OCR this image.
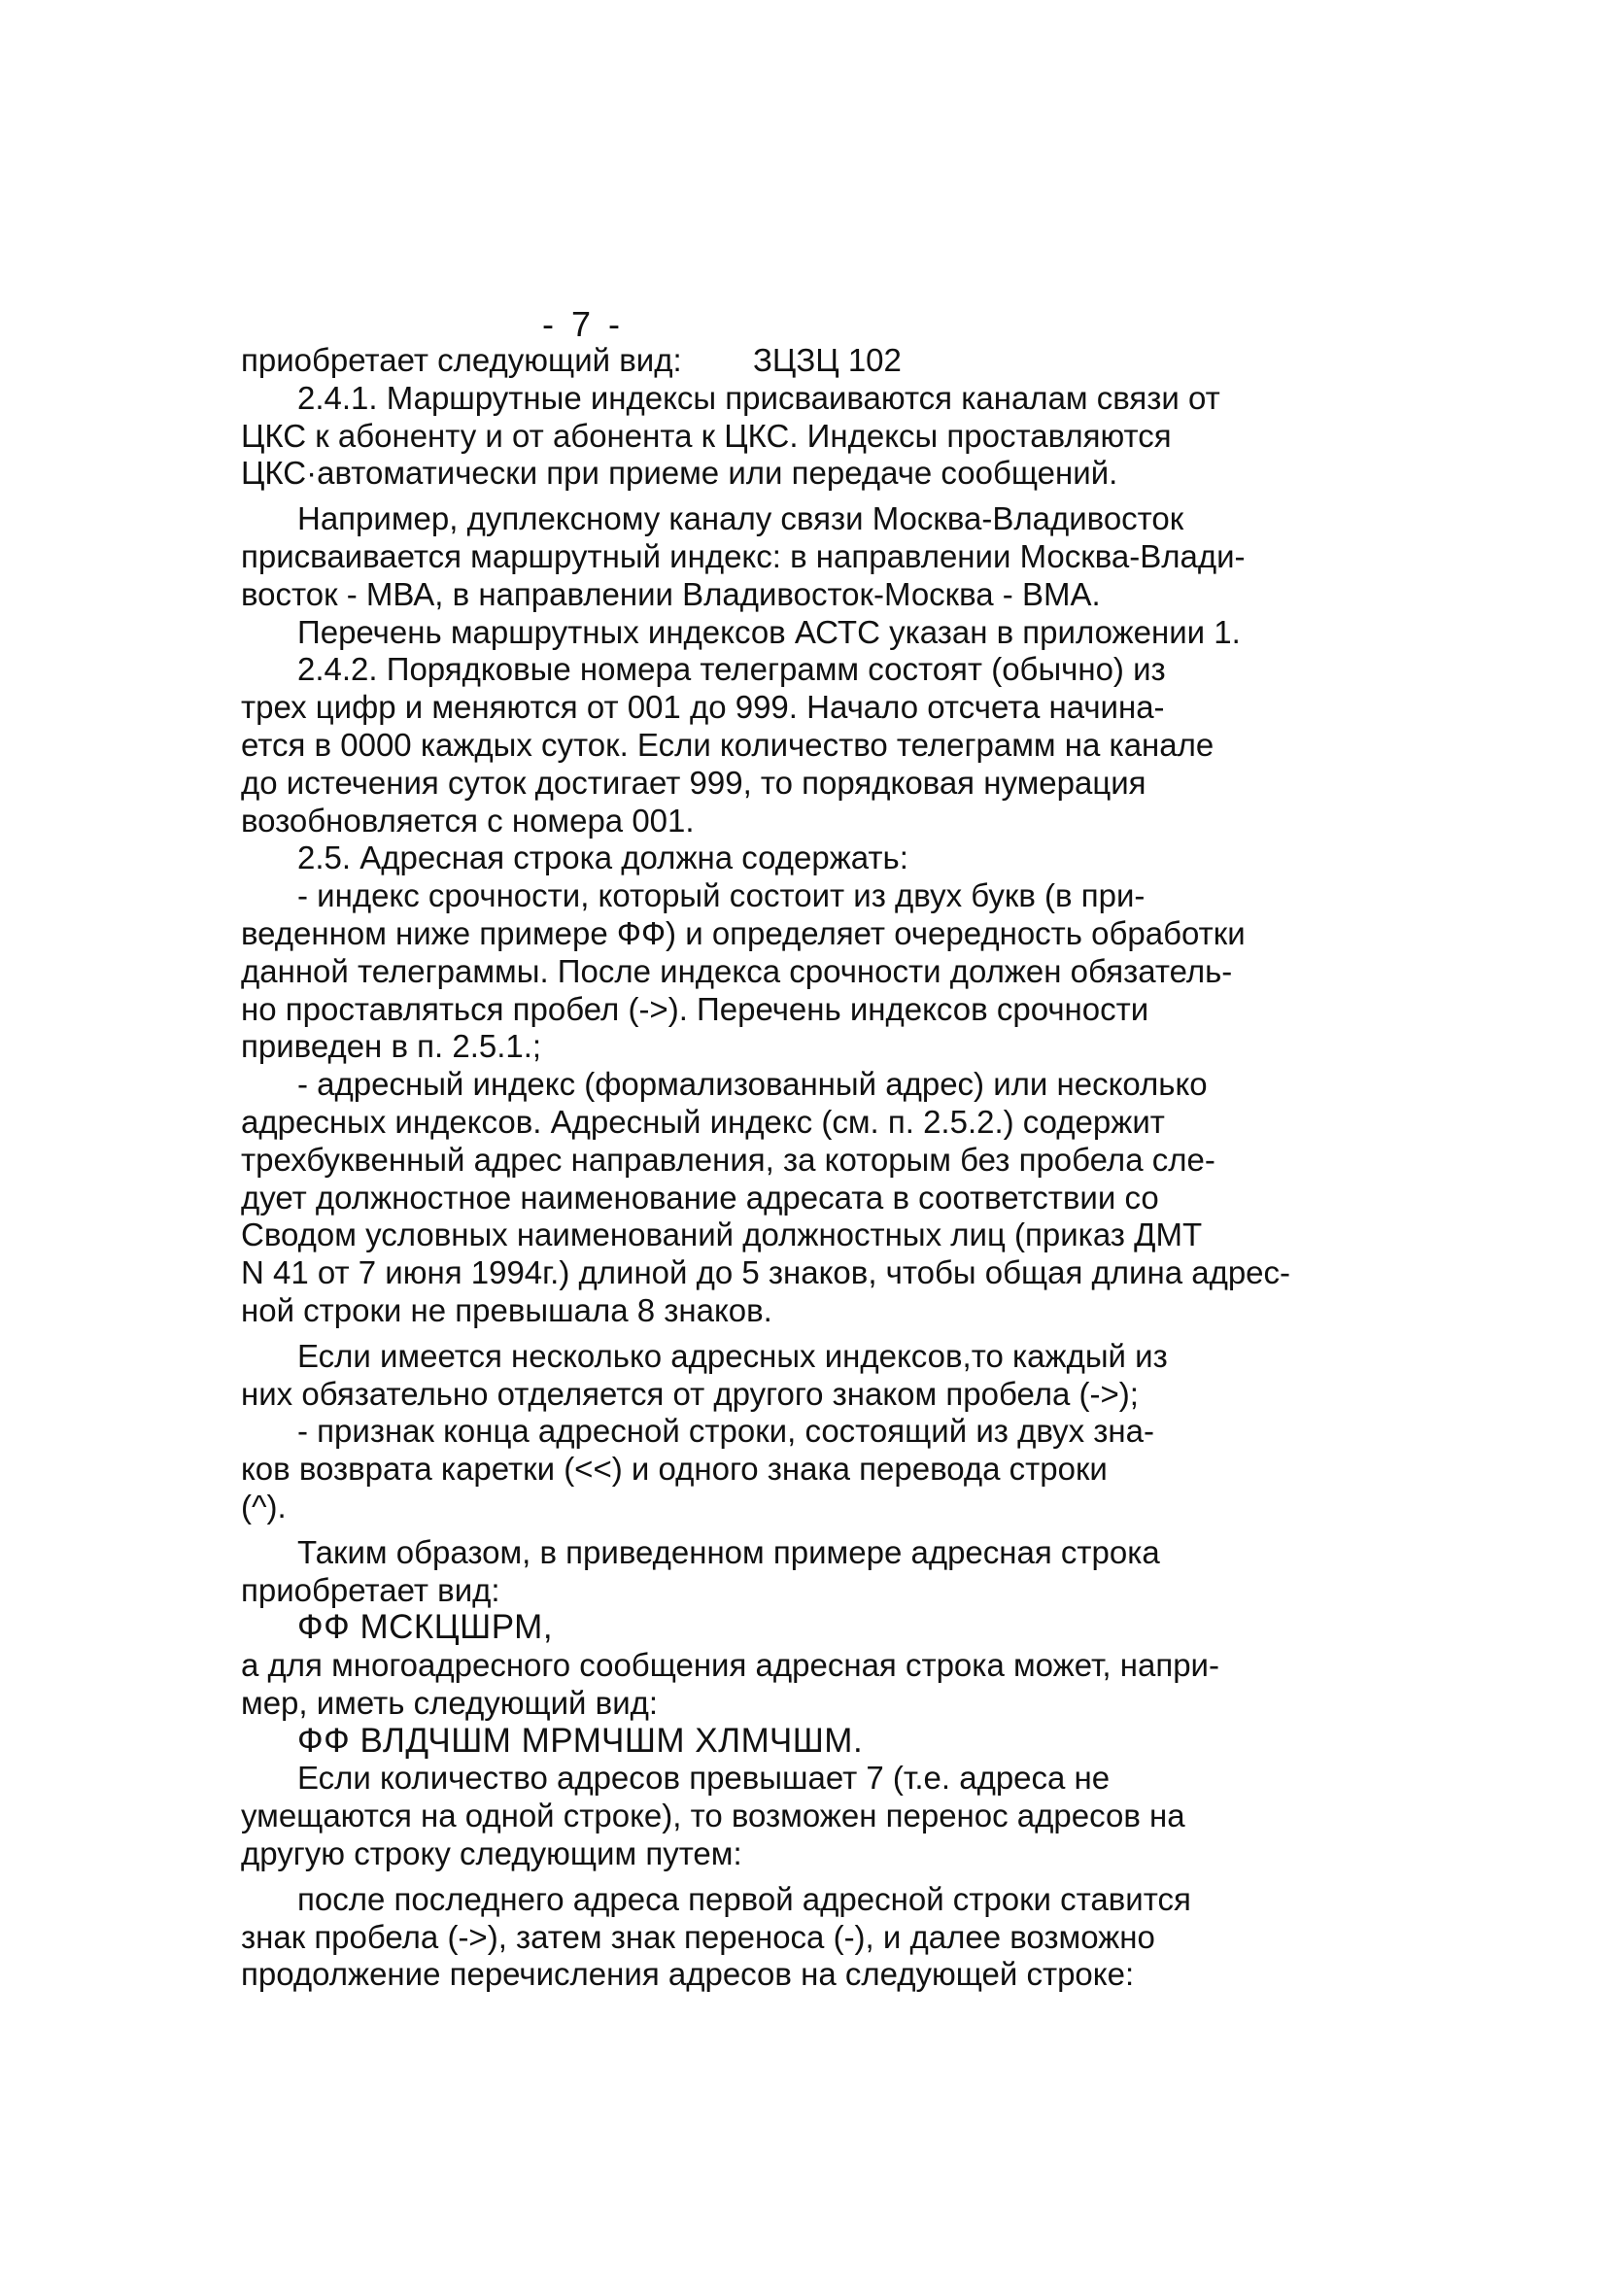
- 7 -

приобретает следующий вид:        ЗЦЗЦ 102

2.4.1. Маршрутные индексы присваиваются каналам связи от

ЦКС к абоненту и от абонента к ЦКС. Индексы проставляются

ЦКС·автоматически при приеме или передаче сообщений.

Например, дуплексному каналу связи Москва-Владивосток

присваивается маршрутный индекс: в направлении Москва-Влади-

восток - МВА, в направлении Владивосток-Москва - ВМА.

Перечень маршрутных индексов АСТС указан в приложении 1.

2.4.2. Порядковые номера телеграмм состоят (обычно) из

трех цифр и меняются от 001 до 999. Начало отсчета начина-

ется в 0000 каждых суток. Если количество телеграмм на канале

до истечения суток достигает 999, то порядковая нумерация

возобновляется с номера 001.

2.5. Адресная строка должна содержать:

- индекс срочности, который состоит из двух букв (в при-

веденном ниже примере ФФ) и определяет очередность обработки

данной телеграммы. После индекса срочности должен обязатель-

но проставляться пробел (->). Перечень индексов срочности

приведен в п. 2.5.1.;

- адресный индекс (формализованный адрес) или несколько

адресных индексов. Адресный индекс (см. п. 2.5.2.) содержит

трехбуквенный адрес направления, за которым без пробела сле-

дует должностное наименование адресата в соответствии со

Сводом условных наименований должностных лиц (приказ ДМТ

N 41 от 7 июня 1994г.) длиной до 5 знаков, чтобы общая длина адрес-

ной строки не превышала 8 знаков.

Если имеется несколько адресных индексов,то каждый из

них обязательно отделяется от другого знаком пробела (->);

- признак конца адресной строки, состоящий из двух зна-

ков возврата каретки (<<) и одного знака перевода строки

(^).

Таким образом, в приведенном примере адресная строка

приобретает вид:

ФФ МСКЦШРМ,

а для многоадресного сообщения адресная строка может, напри-

мер, иметь следующий вид:

ФФ ВЛДЧШМ МРМЧШМ ХЛМЧШМ.

Если количество адресов превышает 7 (т.е. адреса не

умещаются на одной строке), то возможен перенос адресов на

другую строку следующим путем:

после последнего адреса первой адресной строки ставится

знак пробела (->), затем знак переноса (-), и далее возможно

продолжение перечисления адресов на следующей строке:
